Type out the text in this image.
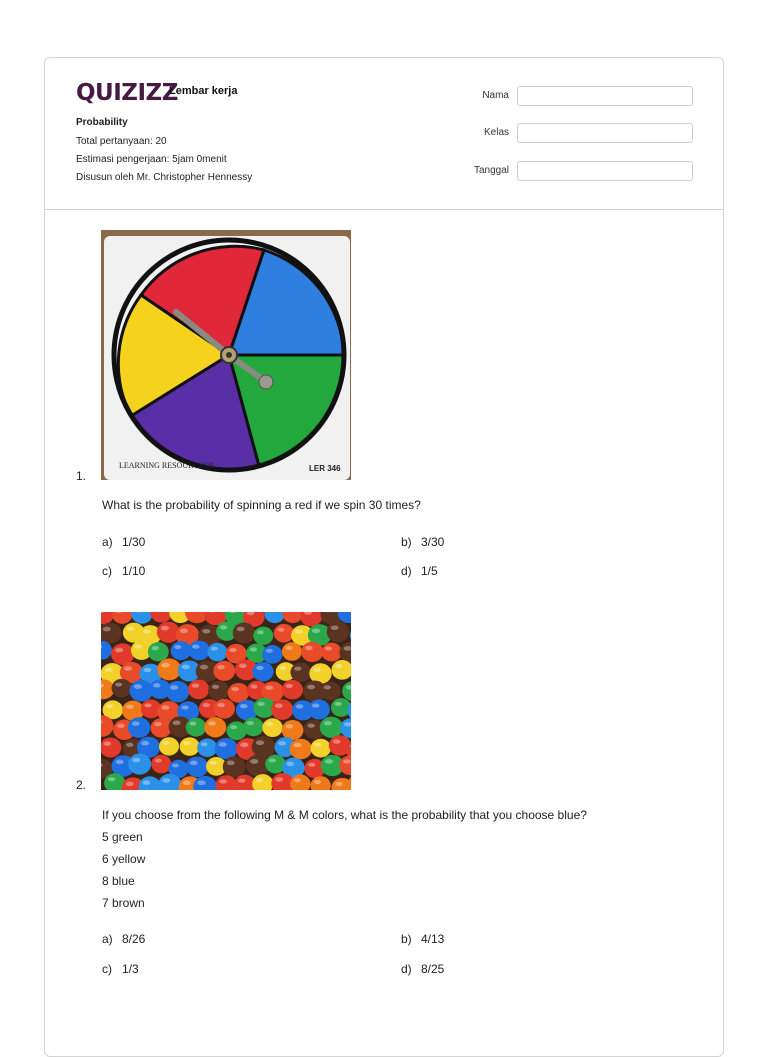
QUIZIZZ
Lembar kerja
Probability
Total pertanyaan: 20
Estimasi pengerjaan: 5jam 0menit
Disusun oleh Mr. Christopher Hennessy
Nama
Kelas
Tanggal
LEARNING RESOURCES®	LER 346
1.
What is the probability of spinning a red if we spin 30 times?
a) 1/30	b) 3/30
c) 1/10	d) 1/5
2.
If you choose from the following M & M colors, what is the probability that you choose blue?
5 green
6 yellow
8 blue
7 brown
a) 8/26	b) 4/13
c) 1/3	d) 8/25
